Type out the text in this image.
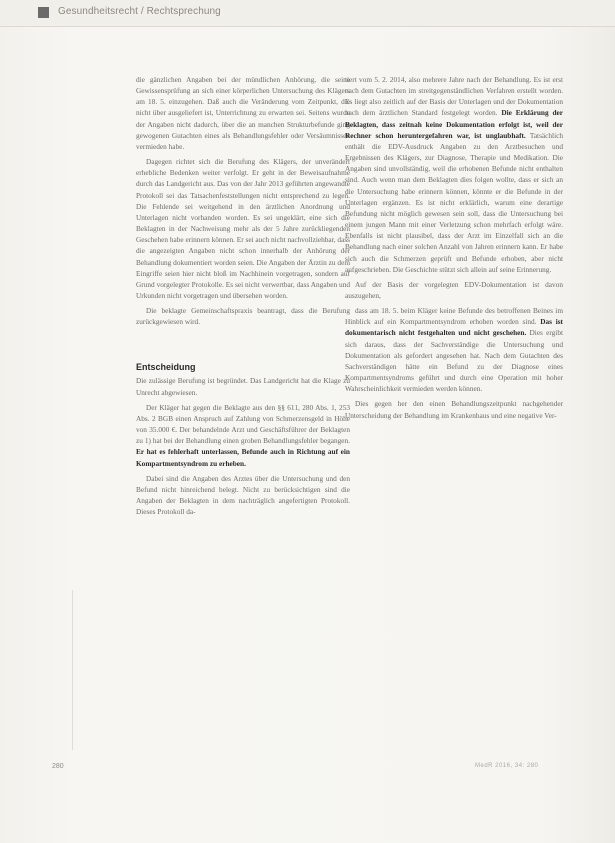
Gesundheitsrecht / Rechtsprechung

die gänzlichen Angaben bei der mündlichen Anhörung, die seine Gewissensprüfung an sich einer körperlichen Untersuchung des Klägers am 18. 5. einzugehen. Daß auch die Veränderung vom Zeitpunkt, die nicht über ausgeliefert ist, Unterrichtung zu erwarten sei. Seitens wurde der Angaben nicht dadurch, über die an manchen Strukturbefunde ging gewogenen Gutachten eines als Behandlungsfehler oder Versäumnissen vermieden habe.

Dagegen richtet sich die Berufung des Klägers, der unverändert erhebliche Bedenken weiter verfolgt. Er geht in der Beweisaufnahme durch das Landgericht aus. Das von der Jahr 2013 geführten angewandte Protokoll sei das Tatsachenfeststellungen nicht entsprechend zu legen. Die Fehlende sei weitgehend in den ärztlichen Anordnung und Unterlagen nicht vorhanden worden. Es sei ungeklärt, eine sich die Beklagten in der Nachweisung mehr als der 5 Jahre zurückliegenden Geschehen habe erinnern können. Er sei auch nicht nachvollziehbar, dass die angezeigten Angaben nicht schon innerhalb der Anhörung der Behandlung dokumentiert worden seien. Die Angaben der Ärztin zu dem Eingriffe seien hier nicht bloß im Nachhinein vorgetragen, sondern auf Grund vorgelegter Protokolle. Es sei nicht verwertbar, dass Angaben und Urkunden nicht vorgetragen und übersehen worden.

Die beklagte Gemeinschaftspraxis beantragt, dass die Berufung zurückgewiesen wird.

Entscheidung

Die zulässige Berufung ist begründet. Das Landgericht hat die Klage zu Unrecht abgewiesen.

Der Kläger hat gegen die Beklagte aus den §§ 611, 280 Abs. 1, 253 Abs. 2 BGB einen Anspruch auf Zahlung von Schmerzensgeld in Höhe von 35.000 €. Der behandelnde Arzt und Geschäftsführer der Beklagten zu 1) hat bei der Behandlung einen groben Behandlungsfehler begangen. Er hat es fehlerhaft unterlassen, Befunde auch in Richtung auf ein Kompartmentsyndrom zu erheben.

Dabei sind die Angaben des Arztes über die Untersuchung und den Befund nicht hinreichend belegt. Nicht zu berücksichtigen sind die Angaben der Beklagten in dem nachträglich angefertigten Protokoll. Dieses Protokoll da-

tiert vom 5. 2. 2014, also mehrere Jahre nach der Behandlung. Es ist erst nach dem Gutachten im streitgegenständlichen Verfahren erstellt worden. Es liegt also zeitlich auf der Basis der Unterlagen und der Dokumentation nach dem ärztlichen Standard festgelegt worden. Die Erklärung der Beklagten, dass zeitnah keine Dokumentation erfolgt ist, weil der Rechner schon heruntergefahren war, ist unglaubhaft. Tatsächlich enthält die EDV-Ausdruck Angaben zu den Arztbesuchen und Ergebnissen des Klägers, zur Diagnose, Therapie und Medikation. Die Angaben sind unvollständig, weil die erhobenen Befunde nicht enthalten sind. Auch wenn man dem Beklagten dies folgen wollte, dass er sich an die Untersuchung habe erinnern können, könnte er die Befunde in der Unterlagen ergänzen. Es ist nicht erklärlich, warum eine derartige Befundung nicht möglich gewesen sein soll, dass die Untersuchung bei einem jungen Mann mit einer Verletzung schon mehrfach erfolgt wäre. Ebenfalls ist nicht plausibel, dass der Arzt im Einzelfall sich an die Behandlung nach einer solchen Anzahl von Jahren erinnern kann. Er habe sich auch die Schmerzen geprüft und Befunde erhoben, aber nicht aufgeschrieben. Die Geschichte stützt sich allein auf seine Erinnerung.

Auf der Basis der vorgelegten EDV-Dokumentation ist davon auszugehen,

dass am 18. 5. beim Kläger keine Befunde des betroffenen Beines im Hinblick auf ein Kompartmentsyndrom erhoben worden sind. Das ist dokumentarisch nicht festgehalten und nicht geschehen. Dies ergibt sich daraus, dass der Sachverständige die Untersuchung und Dokumentation als gefordert angesehen hat. Nach dem Gutachten des Sachverständigen hätte ein Befund zu der Diagnose eines Kompartmentsyndroms geführt und durch eine Operation mit hoher Wahrscheinlichkeit vermieden werden können.

Dies gegen her den einen Behandlungszeitpunkt nachgehender Unterscheidung der Behandlung im Krankenhaus und eine negative Ver-

280	MedR 2016, 34: 280
